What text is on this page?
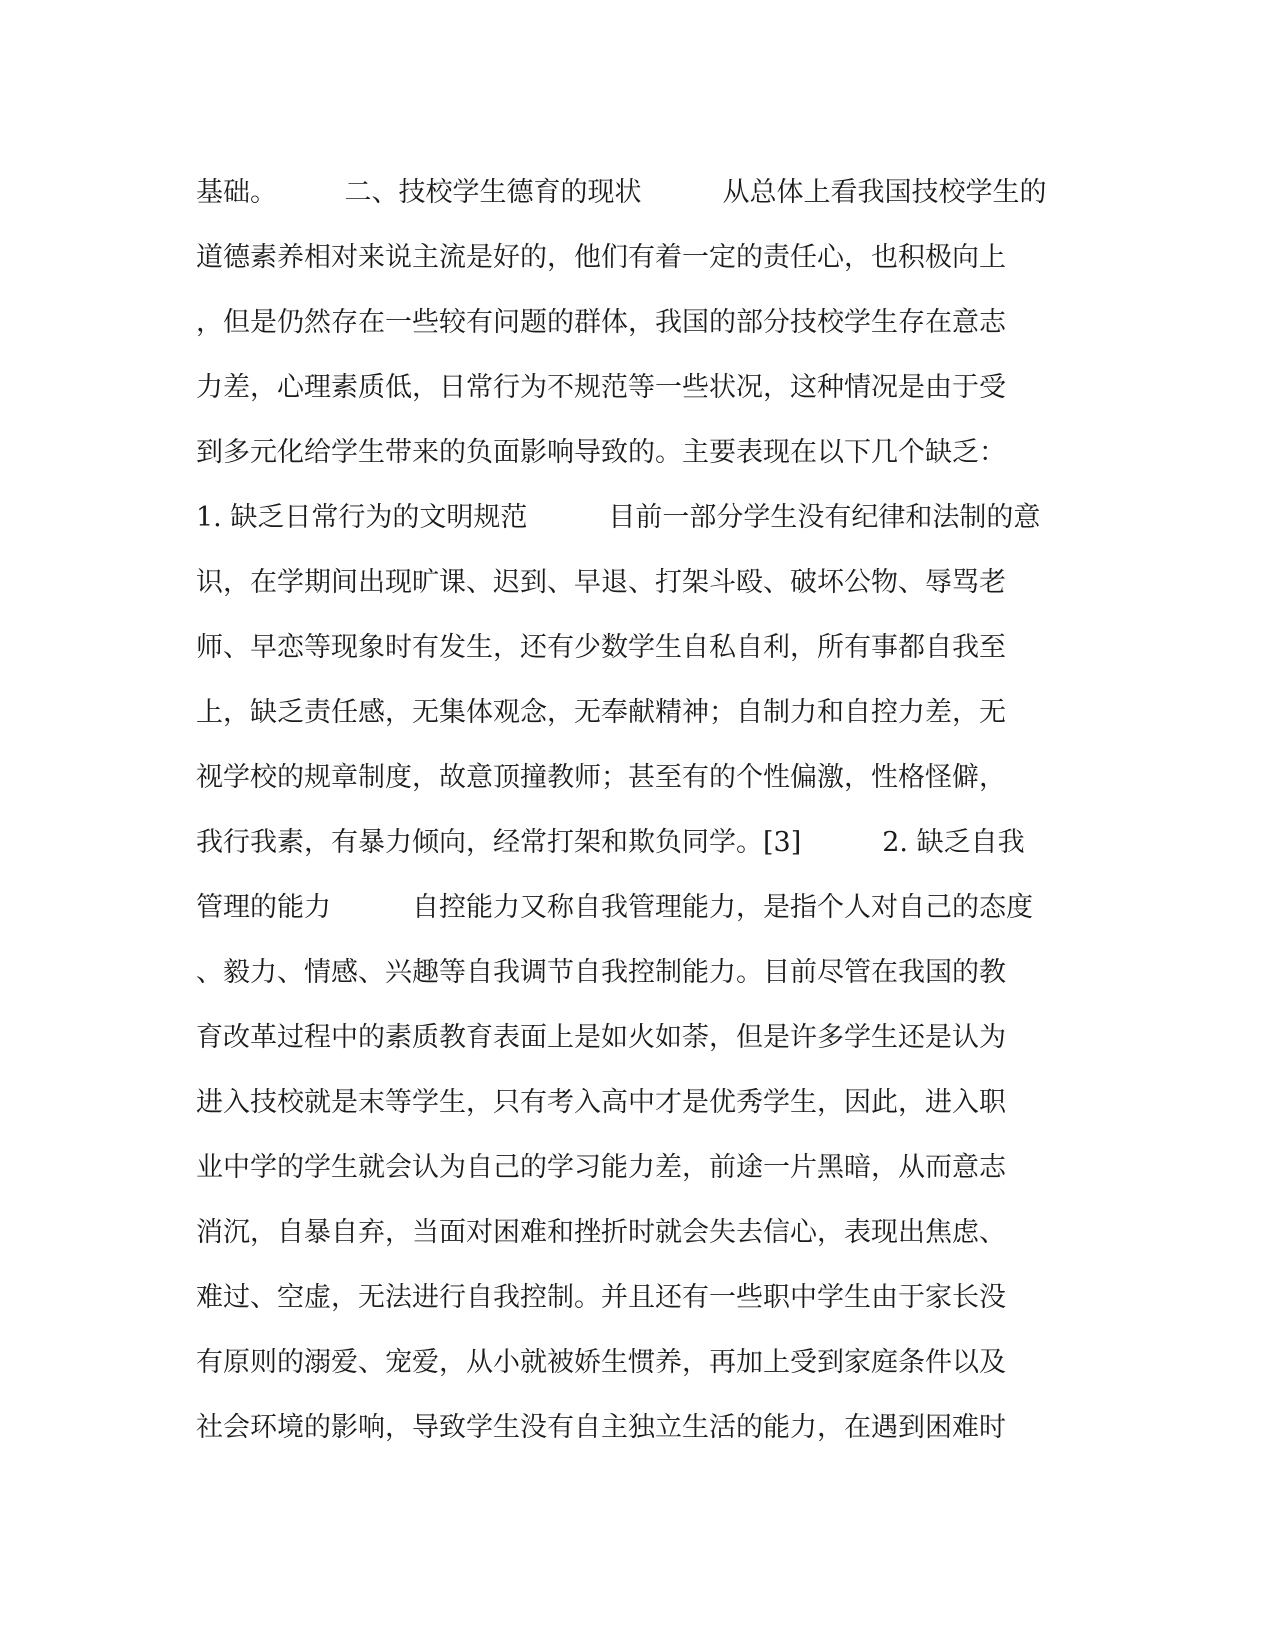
基础。　　　二、技校学生德育的现状　　　从总体上看我国技校学生的
道德素养相对来说主流是好的，他们有着一定的责任心，也积极向上
，但是仍然存在一些较有问题的群体，我国的部分技校学生存在意志
力差，心理素质低，日常行为不规范等一些状况，这种情况是由于受
到多元化给学生带来的负面影响导致的。主要表现在以下几个缺乏：
1. 缺乏日常行为的文明规范　　　目前一部分学生没有纪律和法制的意
识，在学期间出现旷课、迟到、早退、打架斗殴、破坏公物、辱骂老
师、早恋等现象时有发生，还有少数学生自私自利，所有事都自我至
上，缺乏责任感，无集体观念，无奉献精神；自制力和自控力差，无
视学校的规章制度，故意顶撞教师；甚至有的个性偏激，性格怪僻，
我行我素，有暴力倾向，经常打架和欺负同学。[3]　　　2. 缺乏自我
管理的能力　　　自控能力又称自我管理能力，是指个人对自己的态度
、毅力、情感、兴趣等自我调节自我控制能力。目前尽管在我国的教
育改革过程中的素质教育表面上是如火如荼，但是许多学生还是认为
进入技校就是末等学生，只有考入高中才是优秀学生，因此，进入职
业中学的学生就会认为自己的学习能力差，前途一片黑暗，从而意志
消沉，自暴自弃，当面对困难和挫折时就会失去信心，表现出焦虑、
难过、空虚，无法进行自我控制。并且还有一些职中学生由于家长没
有原则的溺爱、宠爱，从小就被娇生惯养，再加上受到家庭条件以及
社会环境的影响，导致学生没有自主独立生活的能力，在遇到困难时
